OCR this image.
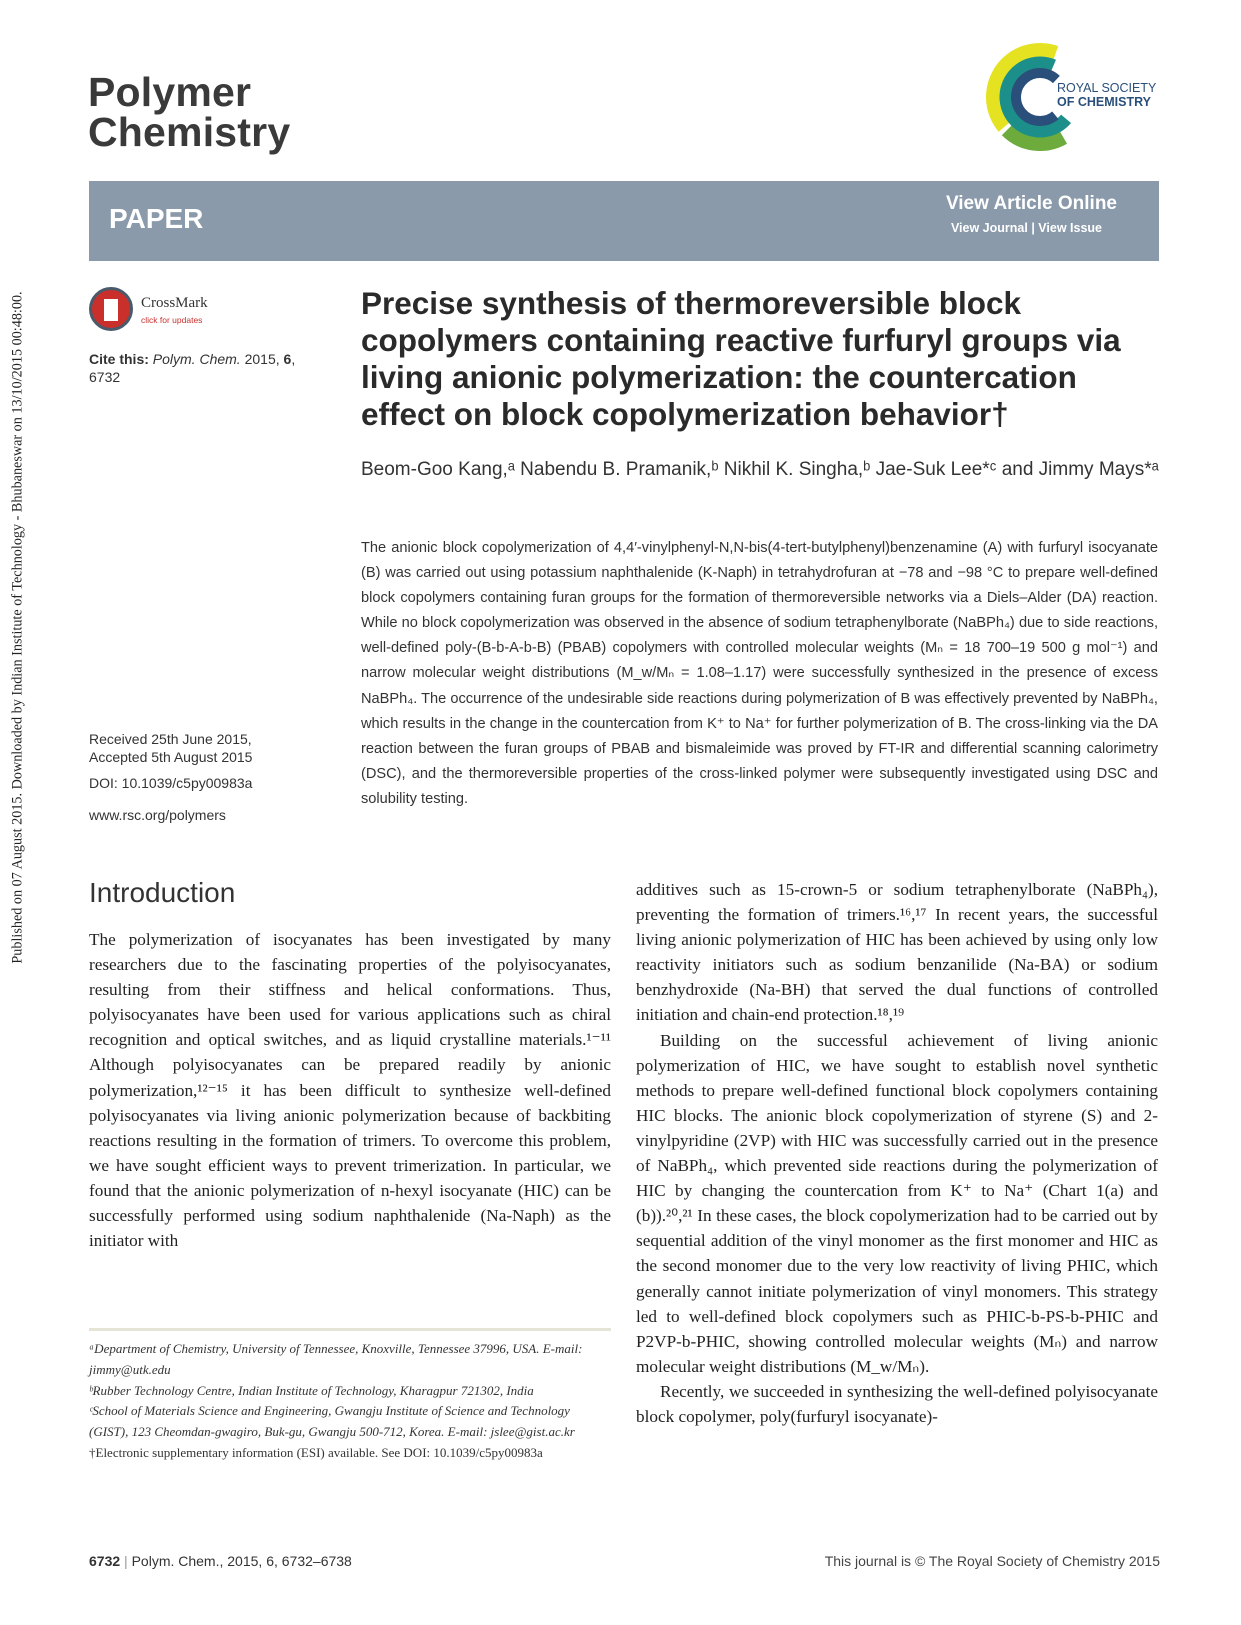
Published on 07 August 2015. Downloaded by Indian Institute of Technology - Bhubaneswar on 13/10/2015 00:48:00.
Polymer
Chemistry
ROYAL SOCIETY
OF CHEMISTRY
PAPER	View Article Online
View Journal | View Issue
CrossMark
click for updates
Cite this: Polym. Chem. 2015, 6,
6732
Received 25th June 2015,
Accepted 5th August 2015
DOI: 10.1039/c5py00983a
www.rsc.org/polymers
Precise synthesis of thermoreversible block copolymers containing reactive furfuryl groups via living anionic polymerization: the countercation effect on block copolymerization behavior†
Beom-Goo Kang,ᵃ Nabendu B. Pramanik,ᵇ Nikhil K. Singha,ᵇ Jae-Suk Lee*ᶜ and Jimmy Mays*ᵃ
The anionic block copolymerization of 4,4′-vinylphenyl-N,N-bis(4-tert-butylphenyl)benzenamine (A) with furfuryl isocyanate (B) was carried out using potassium naphthalenide (K-Naph) in tetrahydrofuran at −78 and −98 °C to prepare well-defined block copolymers containing furan groups for the formation of thermoreversible networks via a Diels–Alder (DA) reaction. While no block copolymerization was observed in the absence of sodium tetraphenylborate (NaBPh₄) due to side reactions, well-defined poly-(B-b-A-b-B) (PBAB) copolymers with controlled molecular weights (Mₙ = 18 700–19 500 g mol⁻¹) and narrow molecular weight distributions (M_w/Mₙ = 1.08–1.17) were successfully synthesized in the presence of excess NaBPh₄. The occurrence of the undesirable side reactions during polymerization of B was effectively prevented by NaBPh₄, which results in the change in the countercation from K⁺ to Na⁺ for further polymerization of B. The cross-linking via the DA reaction between the furan groups of PBAB and bismaleimide was proved by FT-IR and differential scanning calorimetry (DSC), and the thermoreversible properties of the cross-linked polymer were subsequently investigated using DSC and solubility testing.
Introduction

The polymerization of isocyanates has been investigated by many researchers due to the fascinating properties of the polyisocyanates, resulting from their stiffness and helical conformations. Thus, polyisocyanates have been used for various applications such as chiral recognition and optical switches, and as liquid crystalline materials.¹⁻¹¹ Although polyisocyanates can be prepared readily by anionic polymerization,¹²⁻¹⁵ it has been difficult to synthesize well-defined polyisocyanates via living anionic polymerization because of backbiting reactions resulting in the formation of trimers. To overcome this problem, we have sought efficient ways to prevent trimerization. In particular, we found that the anionic polymerization of n-hexyl isocyanate (HIC) can be successfully performed using sodium naphthalenide (Na-Naph) as the initiator with

additives such as 15-crown-5 or sodium tetraphenylborate (NaBPh₄), preventing the formation of trimers.¹⁶,¹⁷ In recent years, the successful living anionic polymerization of HIC has been achieved by using only low reactivity initiators such as sodium benzanilide (Na-BA) or sodium benzhydroxide (Na-BH) that served the dual functions of controlled initiation and chain-end protection.¹⁸,¹⁹

Building on the successful achievement of living anionic polymerization of HIC, we have sought to establish novel synthetic methods to prepare well-defined functional block copolymers containing HIC blocks. The anionic block copolymerization of styrene (S) and 2-vinylpyridine (2VP) with HIC was successfully carried out in the presence of NaBPh₄, which prevented side reactions during the polymerization of HIC by changing the countercation from K⁺ to Na⁺ (Chart 1(a) and (b)).²⁰,²¹ In these cases, the block copolymerization had to be carried out by sequential addition of the vinyl monomer as the first monomer and HIC as the second monomer due to the very low reactivity of living PHIC, which generally cannot initiate polymerization of vinyl monomers. This strategy led to well-defined block copolymers such as PHIC-b-PS-b-PHIC and P2VP-b-PHIC, showing controlled molecular weights (Mₙ) and narrow molecular weight distributions (M_w/Mₙ).

Recently, we succeeded in synthesizing the well-defined polyisocyanate block copolymer, poly(furfuryl isocyanate)-

ᵃDepartment of Chemistry, University of Tennessee, Knoxville, Tennessee 37996, USA. E-mail: jimmy@utk.edu

ᵇRubber Technology Centre, Indian Institute of Technology, Kharagpur 721302, India

ᶜSchool of Materials Science and Engineering, Gwangju Institute of Science and Technology (GIST), 123 Cheomdan-gwagiro, Buk-gu, Gwangju 500-712, Korea. E-mail: jslee@gist.ac.kr

†Electronic supplementary information (ESI) available. See DOI: 10.1039/c5py00983a

6732 | Polym. Chem., 2015, 6, 6732–6738	This journal is © The Royal Society of Chemistry 2015
